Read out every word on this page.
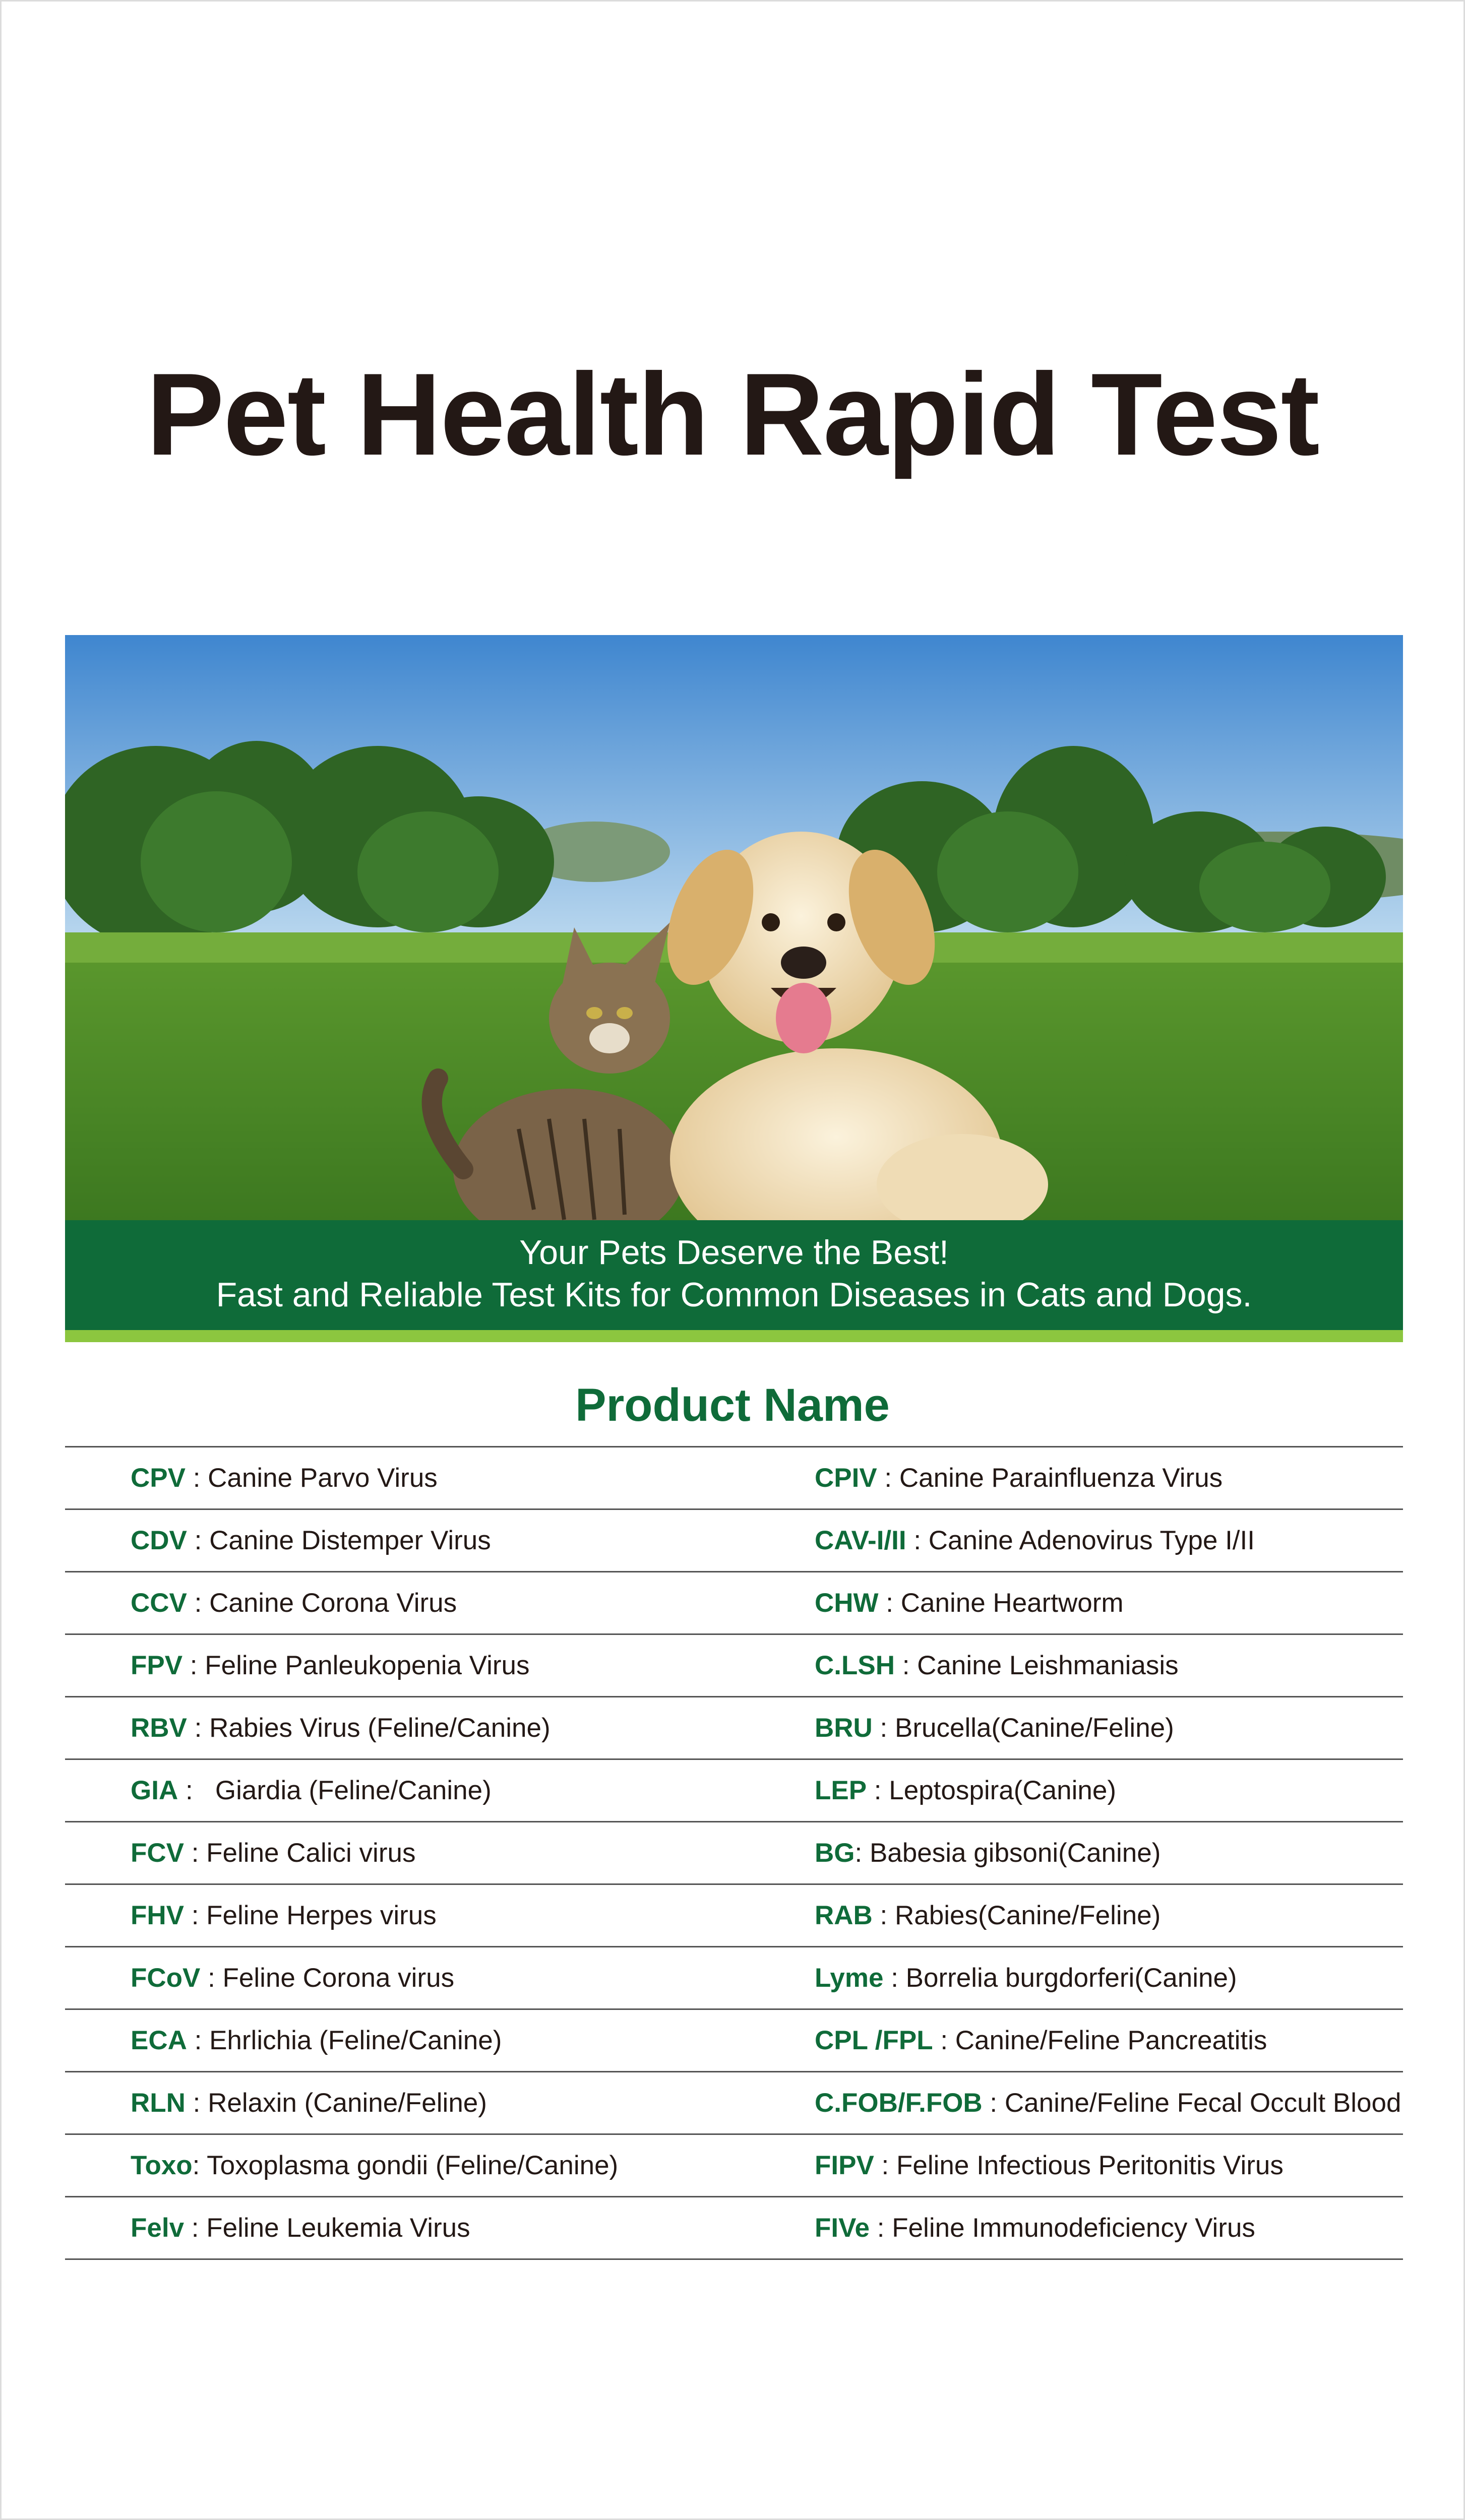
Pet Health Rapid Test
Your Pets Deserve the Best!
Fast and Reliable Test Kits for Common Diseases in Cats and Dogs.
Product Name
CPV : Canine Parvo Virus	CPIV : Canine Parainfluenza Virus
CDV : Canine Distemper Virus	CAV-I/II : Canine Adenovirus Type I/II
CCV : Canine Corona Virus	CHW : Canine Heartworm
FPV : Feline Panleukopenia Virus	C.LSH : Canine Leishmaniasis
RBV : Rabies Virus (Feline/Canine)	BRU : Brucella(Canine/Feline)
GIA :   Giardia (Feline/Canine)	LEP : Leptospira(Canine)
FCV : Feline Calici virus	BG: Babesia gibsoni(Canine)
FHV : Feline Herpes virus	RAB : Rabies(Canine/Feline)
FCoV : Feline Corona virus	Lyme : Borrelia burgdorferi(Canine)
ECA : Ehrlichia (Feline/Canine)	CPL /FPL : Canine/Feline Pancreatitis
RLN : Relaxin (Canine/Feline)	C.FOB/F.FOB : Canine/Feline Fecal Occult Blood
Toxo: Toxoplasma gondii (Feline/Canine)	FIPV : Feline Infectious Peritonitis Virus
Felv : Feline Leukemia Virus	FIVe : Feline Immunodeficiency Virus
